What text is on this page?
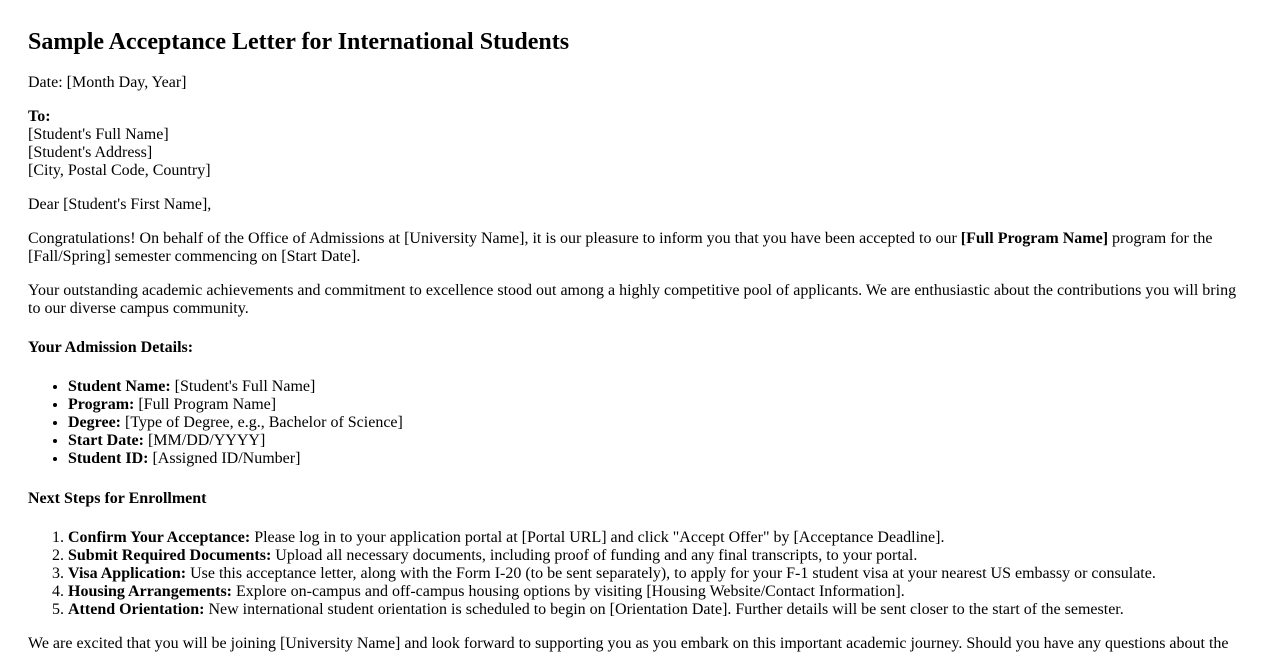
Sample Acceptance Letter for International Students

Date: [Month Day, Year]

To:
[Student's Full Name]
[Student's Address]
[City, Postal Code, Country]

Dear [Student's First Name],

Congratulations! On behalf of the Office of Admissions at [University Name], it is our pleasure to inform you that you have been accepted to our [Full Program Name] program for the [Fall/Spring] semester commencing on [Start Date].

Your outstanding academic achievements and commitment to excellence stood out among a highly competitive pool of applicants. We are enthusiastic about the contributions you will bring to our diverse campus community.

Your Admission Details:

• Student Name: [Student's Full Name]
• Program: [Full Program Name]
• Degree: [Type of Degree, e.g., Bachelor of Science]
• Start Date: [MM/DD/YYYY]
• Student ID: [Assigned ID/Number]

Next Steps for Enrollment

1. Confirm Your Acceptance: Please log in to your application portal at [Portal URL] and click "Accept Offer" by [Acceptance Deadline].
2. Submit Required Documents: Upload all necessary documents, including proof of funding and any final transcripts, to your portal.
3. Visa Application: Use this acceptance letter, along with the Form I-20 (to be sent separately), to apply for your F-1 student visa at your nearest US embassy or consulate.
4. Housing Arrangements: Explore on-campus and off-campus housing options by visiting [Housing Website/Contact Information].
5. Attend Orientation: New international student orientation is scheduled to begin on [Orientation Date]. Further details will be sent closer to the start of the semester.

We are excited that you will be joining [University Name] and look forward to supporting you as you embark on this important academic journey. Should you have any questions about the
